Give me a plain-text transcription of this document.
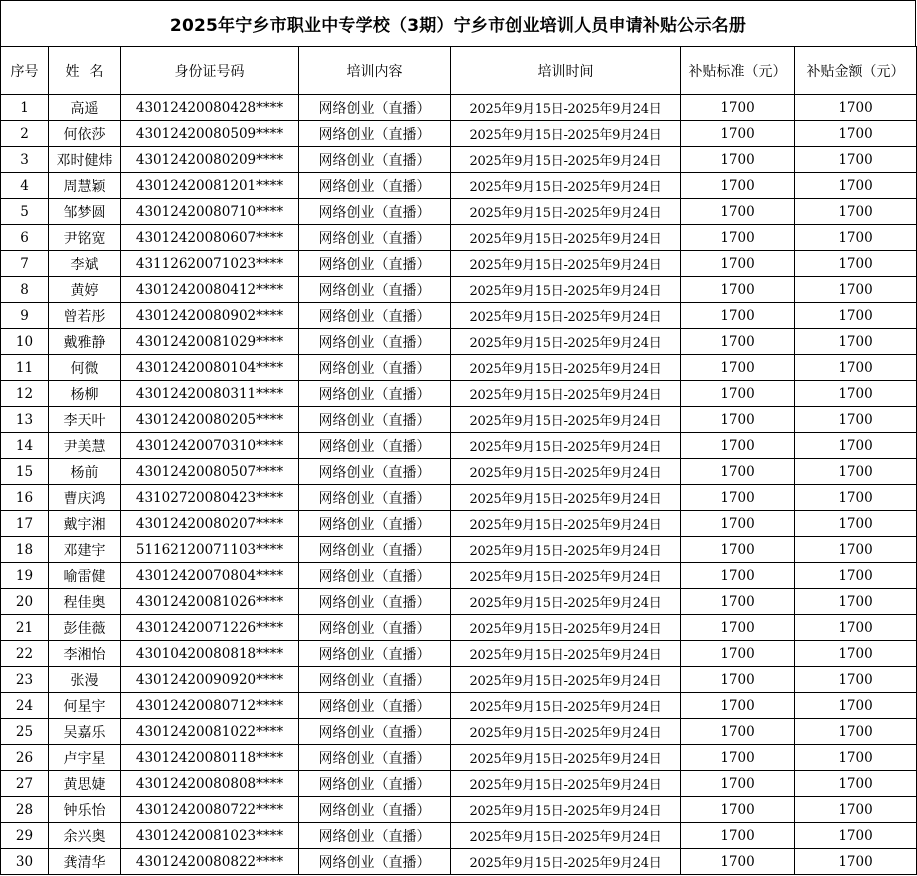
2025年宁乡市职业中专学校（3期）宁乡市创业培训人员申请补贴公示名册
序号	姓名	身份证号码	培训内容	培训时间	补贴标准（元）	补贴金额（元）
1	高遥	43012420080428****	网络创业（直播）	2025年9月15日-2025年9月24日	1700	1700
2	何依莎	43012420080509****	网络创业（直播）	2025年9月15日-2025年9月24日	1700	1700
3	邓时健炜	43012420080209****	网络创业（直播）	2025年9月15日-2025年9月24日	1700	1700
4	周慧颖	43012420081201****	网络创业（直播）	2025年9月15日-2025年9月24日	1700	1700
5	邹梦圆	43012420080710****	网络创业（直播）	2025年9月15日-2025年9月24日	1700	1700
6	尹铭宽	43012420080607****	网络创业（直播）	2025年9月15日-2025年9月24日	1700	1700
7	李斌	43112620071023****	网络创业（直播）	2025年9月15日-2025年9月24日	1700	1700
8	黄婷	43012420080412****	网络创业（直播）	2025年9月15日-2025年9月24日	1700	1700
9	曾若彤	43012420080902****	网络创业（直播）	2025年9月15日-2025年9月24日	1700	1700
10	戴雅静	43012420081029****	网络创业（直播）	2025年9月15日-2025年9月24日	1700	1700
11	何微	43012420080104****	网络创业（直播）	2025年9月15日-2025年9月24日	1700	1700
12	杨柳	43012420080311****	网络创业（直播）	2025年9月15日-2025年9月24日	1700	1700
13	李天叶	43012420080205****	网络创业（直播）	2025年9月15日-2025年9月24日	1700	1700
14	尹美慧	43012420070310****	网络创业（直播）	2025年9月15日-2025年9月24日	1700	1700
15	杨前	43012420080507****	网络创业（直播）	2025年9月15日-2025年9月24日	1700	1700
16	曹庆鸿	43102720080423****	网络创业（直播）	2025年9月15日-2025年9月24日	1700	1700
17	戴宇湘	43012420080207****	网络创业（直播）	2025年9月15日-2025年9月24日	1700	1700
18	邓建宇	51162120071103****	网络创业（直播）	2025年9月15日-2025年9月24日	1700	1700
19	喻雷健	43012420070804****	网络创业（直播）	2025年9月15日-2025年9月24日	1700	1700
20	程佳奥	43012420081026****	网络创业（直播）	2025年9月15日-2025年9月24日	1700	1700
21	彭佳薇	43012420071226****	网络创业（直播）	2025年9月15日-2025年9月24日	1700	1700
22	李湘怡	43010420080818****	网络创业（直播）	2025年9月15日-2025年9月24日	1700	1700
23	张漫	43012420090920****	网络创业（直播）	2025年9月15日-2025年9月24日	1700	1700
24	何星宇	43012420080712****	网络创业（直播）	2025年9月15日-2025年9月24日	1700	1700
25	吴嘉乐	43012420081022****	网络创业（直播）	2025年9月15日-2025年9月24日	1700	1700
26	卢宇星	43012420080118****	网络创业（直播）	2025年9月15日-2025年9月24日	1700	1700
27	黄思婕	43012420080808****	网络创业（直播）	2025年9月15日-2025年9月24日	1700	1700
28	钟乐怡	43012420080722****	网络创业（直播）	2025年9月15日-2025年9月24日	1700	1700
29	余兴奥	43012420081023****	网络创业（直播）	2025年9月15日-2025年9月24日	1700	1700
30	龚清华	43012420080822****	网络创业（直播）	2025年9月15日-2025年9月24日	1700	1700
